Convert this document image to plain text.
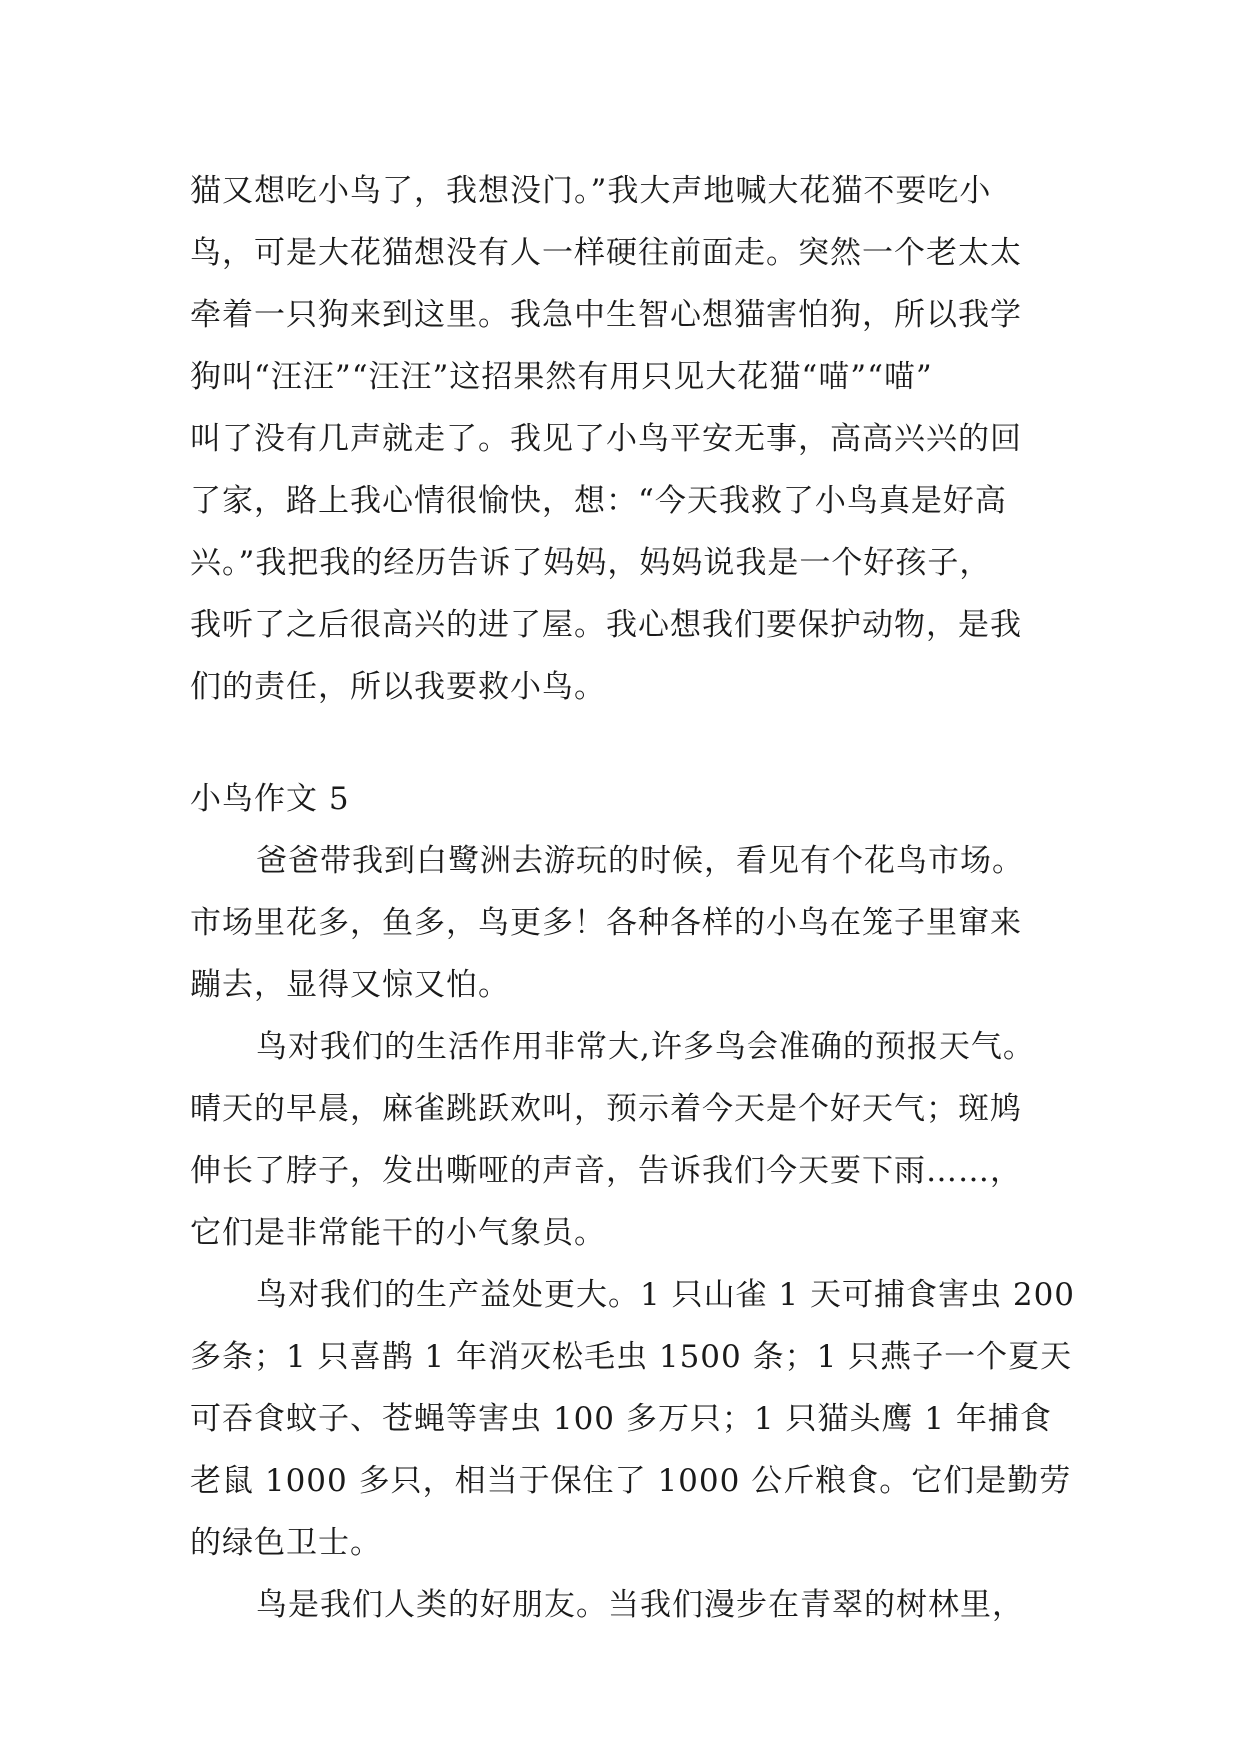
猫又想吃小鸟了，我想没门。”我大声地喊大花猫不要吃小
鸟，可是大花猫想没有人一样硬往前面走。突然一个老太太
牵着一只狗来到这里。我急中生智心想猫害怕狗，所以我学
狗叫“汪汪”“汪汪”这招果然有用只见大花猫“喵”“喵”
叫了没有几声就走了。我见了小鸟平安无事，高高兴兴的回
了家，路上我心情很愉快，想：“今天我救了小鸟真是好高
兴。”我把我的经历告诉了妈妈，妈妈说我是一个好孩子，
我听了之后很高兴的进了屋。我心想我们要保护动物，是我
们的责任，所以我要救小鸟。
小鸟作文 5
爸爸带我到白鹭洲去游玩的时候，看见有个花鸟市场。
市场里花多，鱼多，鸟更多！各种各样的小鸟在笼子里窜来
蹦去，显得又惊又怕。
鸟对我们的生活作用非常大,许多鸟会准确的预报天气。
晴天的早晨，麻雀跳跃欢叫，预示着今天是个好天气；斑鸠
伸长了脖子，发出嘶哑的声音，告诉我们今天要下雨……，
它们是非常能干的小气象员。
鸟对我们的生产益处更大。1 只山雀 1 天可捕食害虫 200
多条；1 只喜鹊 1 年消灭松毛虫 1500 条；1 只燕子一个夏天
可吞食蚊子、苍蝇等害虫 100 多万只；1 只猫头鹰 1 年捕食
老鼠 1000 多只，相当于保住了 1000 公斤粮食。它们是勤劳
的绿色卫士。
鸟是我们人类的好朋友。当我们漫步在青翠的树林里，
